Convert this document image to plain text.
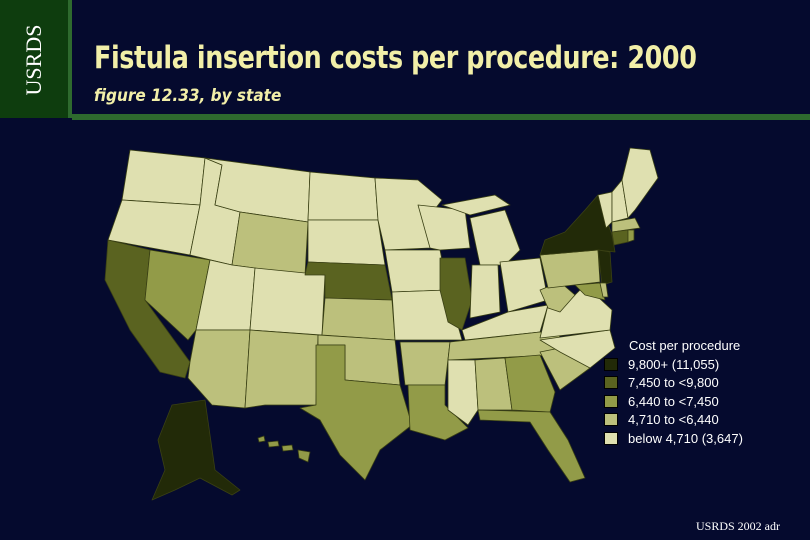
USRDS Fistula insertion costs per procedure: 2000
figure 12.33, by state
Cost per procedure
9,800+ (11,055)
7,450 to <9,800
6,440 to <7,450
4,710 to <6,440
below 4,710 (3,647)
USRDS 2002 adr
